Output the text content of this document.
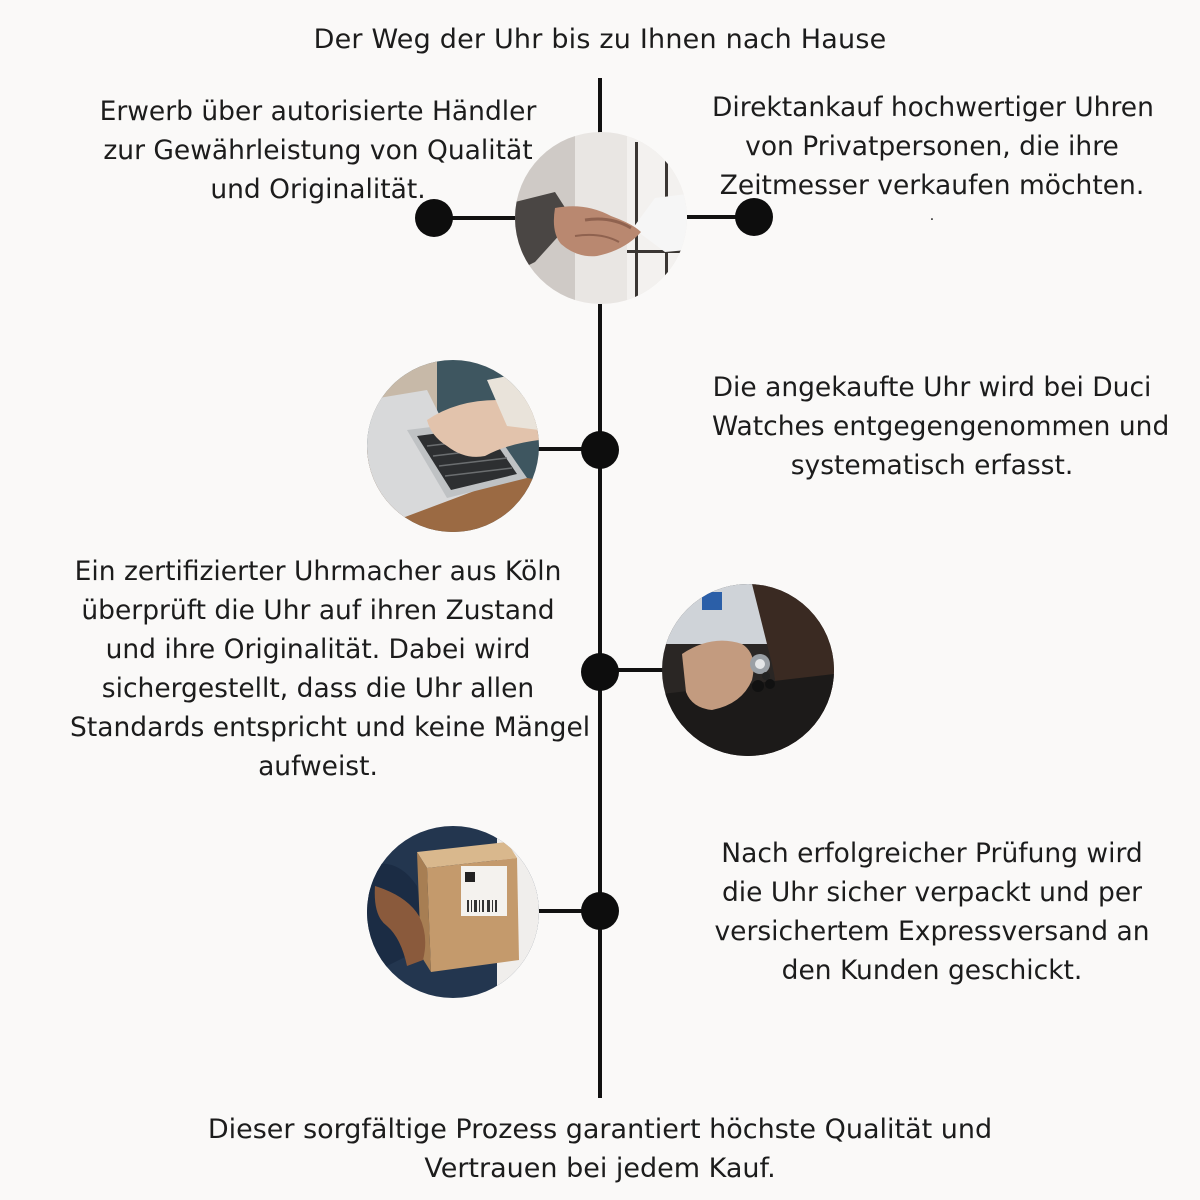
Der Weg der Uhr bis zu Ihnen nach Hause
Erwerb über autorisierte Händler
zur Gewährleistung von Qualität
und Originalität.
Direktankauf hochwertiger Uhren
von Privatpersonen, die ihre
Zeitmesser verkaufen möchten.
.
Die angekaufte Uhr wird bei Duci
Watches entgegengenommen und
systematisch erfasst.
Ein zertifizierter Uhrmacher aus Köln
überprüft die Uhr auf ihren Zustand
und ihre Originalität. Dabei wird
sichergestellt, dass die Uhr allen
Standards entspricht und keine Mängel
aufweist.
Nach erfolgreicher Prüfung wird
die Uhr sicher verpackt und per
versichertem Expressversand an
den Kunden geschickt.
Dieser sorgfältige Prozess garantiert höchste Qualität und
Vertrauen bei jedem Kauf.
